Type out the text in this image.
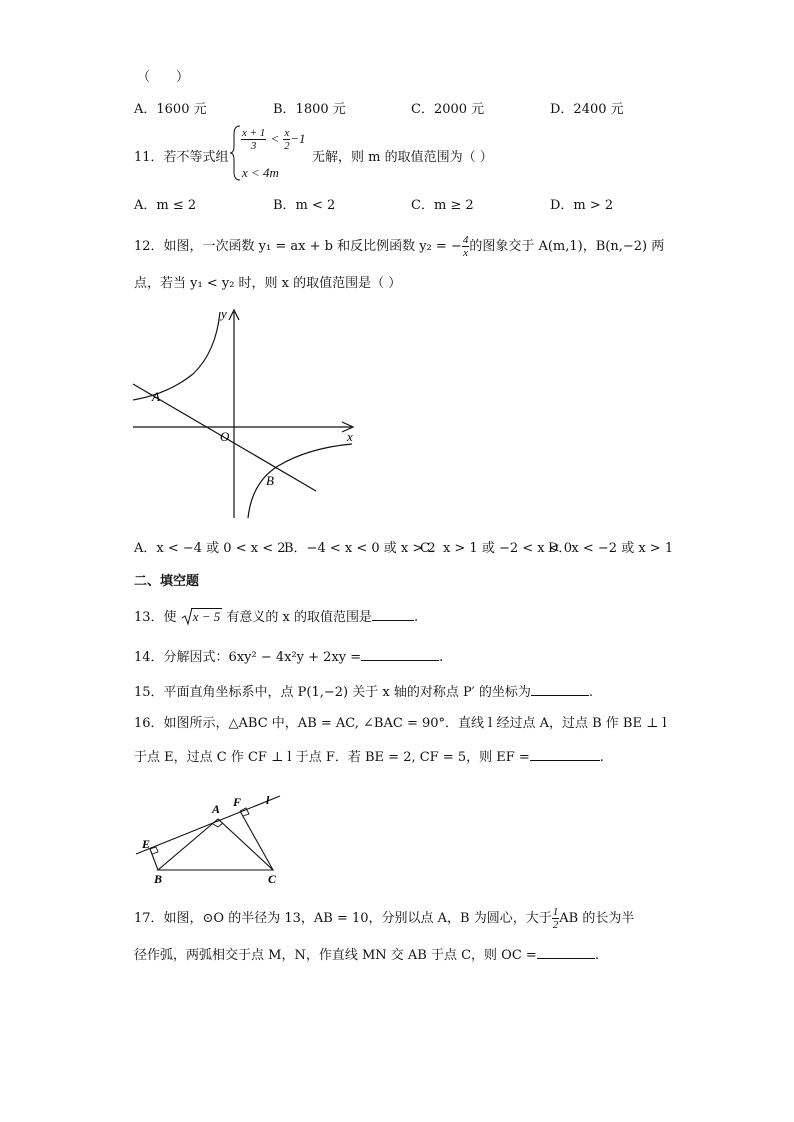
（　　）
A．1600 元	B．1800 元	C．2000 元	D．2400 元
11．若不等式组
$\frac{x + 1}{3} < \frac{x}{2} -1$
x < 4m
无解，则 m 的取值范围为（ ）
A．m ≤ 2	B．m < 2	C．m ≥ 2	D．m > 2
12．如图，一次函数 y₁ = ax + b 和反比例函数 y₂ = − $\frac{4}{x}$ 的图象交于 A(m,1)，B(n,−2) 两
点，若当 y₁ < y₂ 时，则 x 的取值范围是（ ）
A
y
x
O
B
A．x < −4 或 0 < x < 2
B．−4 < x < 0 或 x > 2
C．x > 1 或 −2 < x < 0
D．x < −2 或 x > 1
二、填空题
13．使 x − 5 有意义的 x 的取值范围是	.
14．分解因式：6xy² − 4x²y + 2xy =	.
15．平面直角坐标系中，点 P(1,−2) 关于 x 轴的对称点 P′ 的坐标为	.
16．如图所示，△ABC 中，AB = AC, ∠BAC = 90°．直线 l 经过点 A，过点 B 作 BE ⊥ l
于点 E，过点 C 作 CF ⊥ l 于点 F．若 BE = 2, CF = 5，则 EF =	.
A F l
E
B	C
17．如图，⊙O 的半径为 13，AB = 10，分别以点 A，B 为圆心，大于 $\frac{1}{2}$ AB 的长为半
径作弧，两弧相交于点 M，N，作直线 MN 交 AB 于点 C，则 OC =	.
